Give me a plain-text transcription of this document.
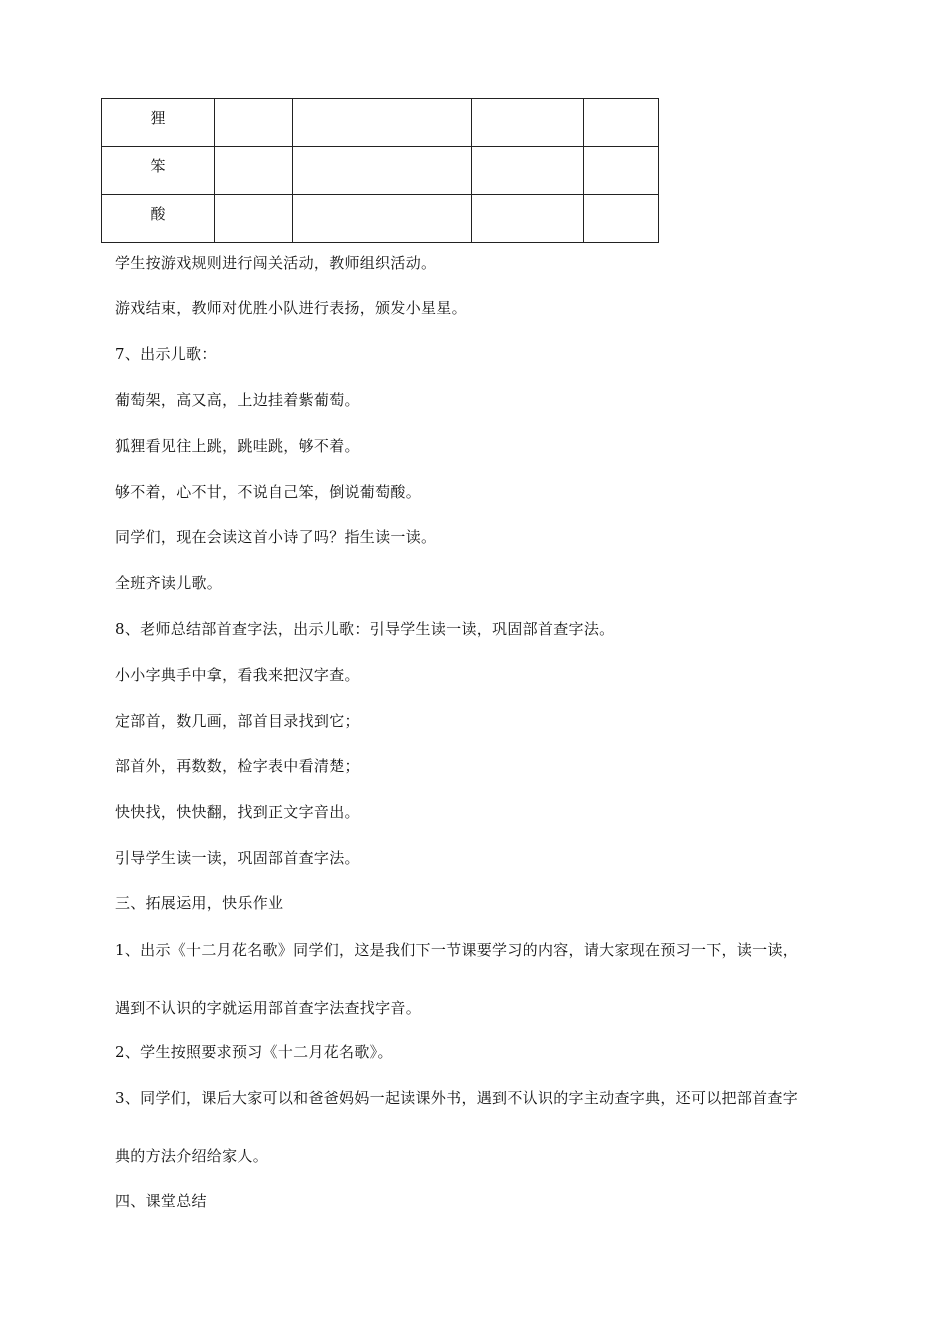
狸				
笨				
酸				
学生按游戏规则进行闯关活动，教师组织活动。
游戏结束，教师对优胜小队进行表扬，颁发小星星。
7、出示儿歌：
葡萄架，高又高，上边挂着紫葡萄。
狐狸看见往上跳，跳哇跳，够不着。
够不着，心不甘，不说自己笨，倒说葡萄酸。
同学们，现在会读这首小诗了吗？指生读一读。
全班齐读儿歌。
8、老师总结部首查字法，出示儿歌：引导学生读一读，巩固部首查字法。
小小字典手中拿，看我来把汉字查。
定部首，数几画，部首目录找到它；
部首外，再数数，检字表中看清楚；
快快找，快快翻，找到正文字音出。
引导学生读一读，巩固部首查字法。
三、拓展运用，快乐作业
1、出示《十二月花名歌》同学们，这是我们下一节课要学习的内容，请大家现在预习一下，读一读，
遇到不认识的字就运用部首查字法查找字音。
2、学生按照要求预习《十二月花名歌》。
3、同学们，课后大家可以和爸爸妈妈一起读课外书，遇到不认识的字主动查字典，还可以把部首查字
典的方法介绍给家人。
四、课堂总结
